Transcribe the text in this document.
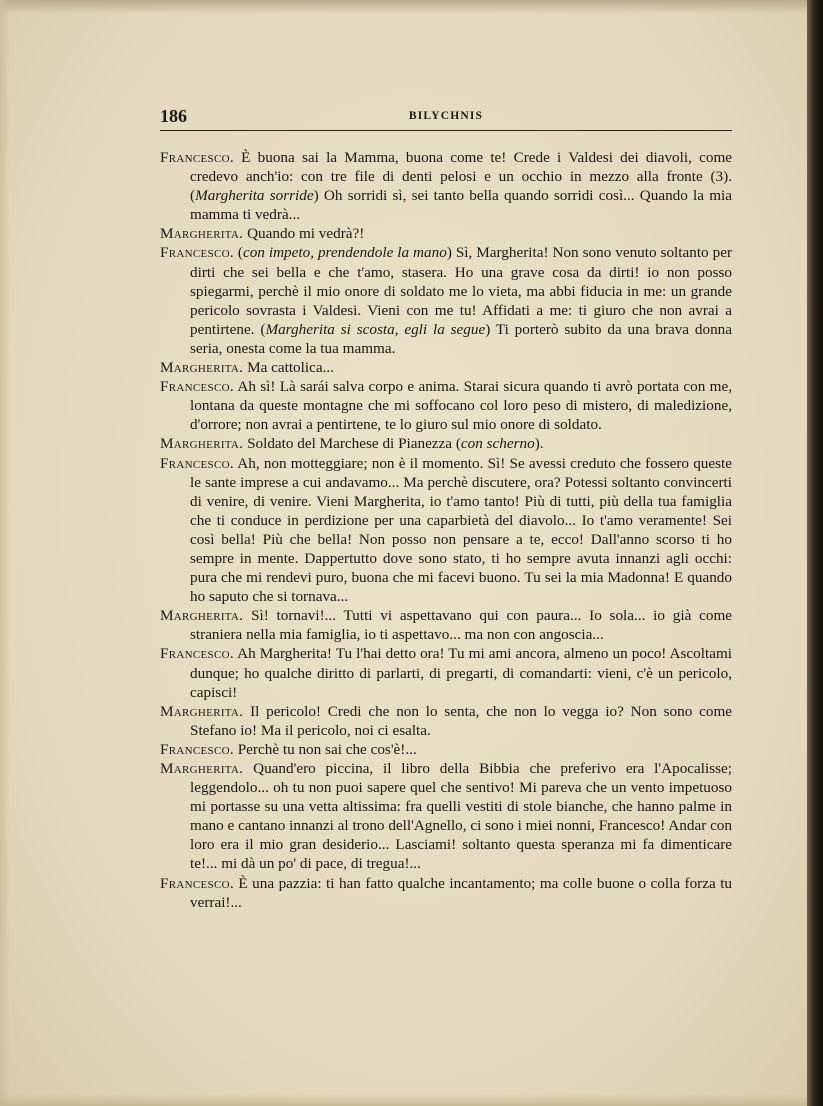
186	BILYCHNIS

Francesco. È buona sai la Mamma, buona come te! Crede i Valdesi dei diavoli, come credevo anch'io: con tre file di denti pelosi e un occhio in mezzo alla fronte (3). (Margherita sorride) Oh sorridi sì, sei tanto bella quando sorridi così... Quando la mia mamma ti vedrà...

Margherita. Quando mi vedrà?!

Francesco. (con impeto, prendendole la mano) Sì, Margherita! Non sono venuto soltanto per dirti che sei bella e che t'amo, stasera. Ho una grave cosa da dirti! io non posso spiegarmi, perchè il mio onore di soldato me lo vieta, ma abbi fiducia in me: un grande pericolo sovrasta i Valdesi. Vieni con me tu! Affidati a me: ti giuro che non avrai a pentirtene. (Margherita si scosta, egli la segue) Ti porterò subito da una brava donna seria, onesta come la tua mamma.

Margherita. Ma cattolica...

Francesco. Ah sì! Là sarái salva corpo e anima. Starai sicura quando ti avrò portata con me, lontana da queste montagne che mi soffocano col loro peso di mistero, di maledizione, d'orrore; non avrai a pentirtene, te lo giuro sul mio onore di soldato.

Margherita. Soldato del Marchese di Pianezza (con scherno).

Francesco. Ah, non motteggiare; non è il momento. Sì! Se avessi creduto che fossero queste le sante imprese a cui andavamo... Ma perchè discutere, ora? Potessi soltanto convincerti di venire, di venire. Vieni Margherita, io t'amo tanto! Più di tutti, più della tua famiglia che ti conduce in perdizione per una caparbietà del diavolo... Io t'amo veramente! Sei così bella! Più che bella! Non posso non pensare a te, ecco! Dall'anno scorso ti ho sempre in mente. Dappertutto dove sono stato, ti ho sempre avuta innanzi agli occhi: pura che mi rendevi puro, buona che mi facevi buono. Tu sei la mia Madonna! E quando ho saputo che si tornava...

Margherita. Sì! tornavi!... Tutti vi aspettavano qui con paura... Io sola... io già come straniera nella mia famiglia, io ti aspettavo... ma non con angoscia...

Francesco. Ah Margherita! Tu l'hai detto ora! Tu mi ami ancora, almeno un poco! Ascoltami dunque; ho qualche diritto di parlarti, di pregarti, di comandarti: vieni, c'è un pericolo, capisci!

Margherita. Il pericolo! Credi che non lo senta, che non lo vegga io? Non sono come Stefano io! Ma il pericolo, noi ci esalta.

Francesco. Perchè tu non sai che cos'è!...

Margherita. Quand'ero piccina, il libro della Bibbia che preferivo era l'Apocalisse; leggendolo... oh tu non puoi sapere quel che sentivo! Mi pareva che un vento impetuoso mi portasse su una vetta altissima: fra quelli vestiti di stole bianche, che hanno palme in mano e cantano innanzi al trono dell'Agnello, ci sono i miei nonni, Francesco! Andar con loro era il mio gran desiderio... Lasciami! soltanto questa speranza mi fa dimenticare te!... mi dà un po' di pace, di tregua!...

Francesco. È una pazzia: ti han fatto qualche incantamento; ma colle buone o colla forza tu verrai!...
